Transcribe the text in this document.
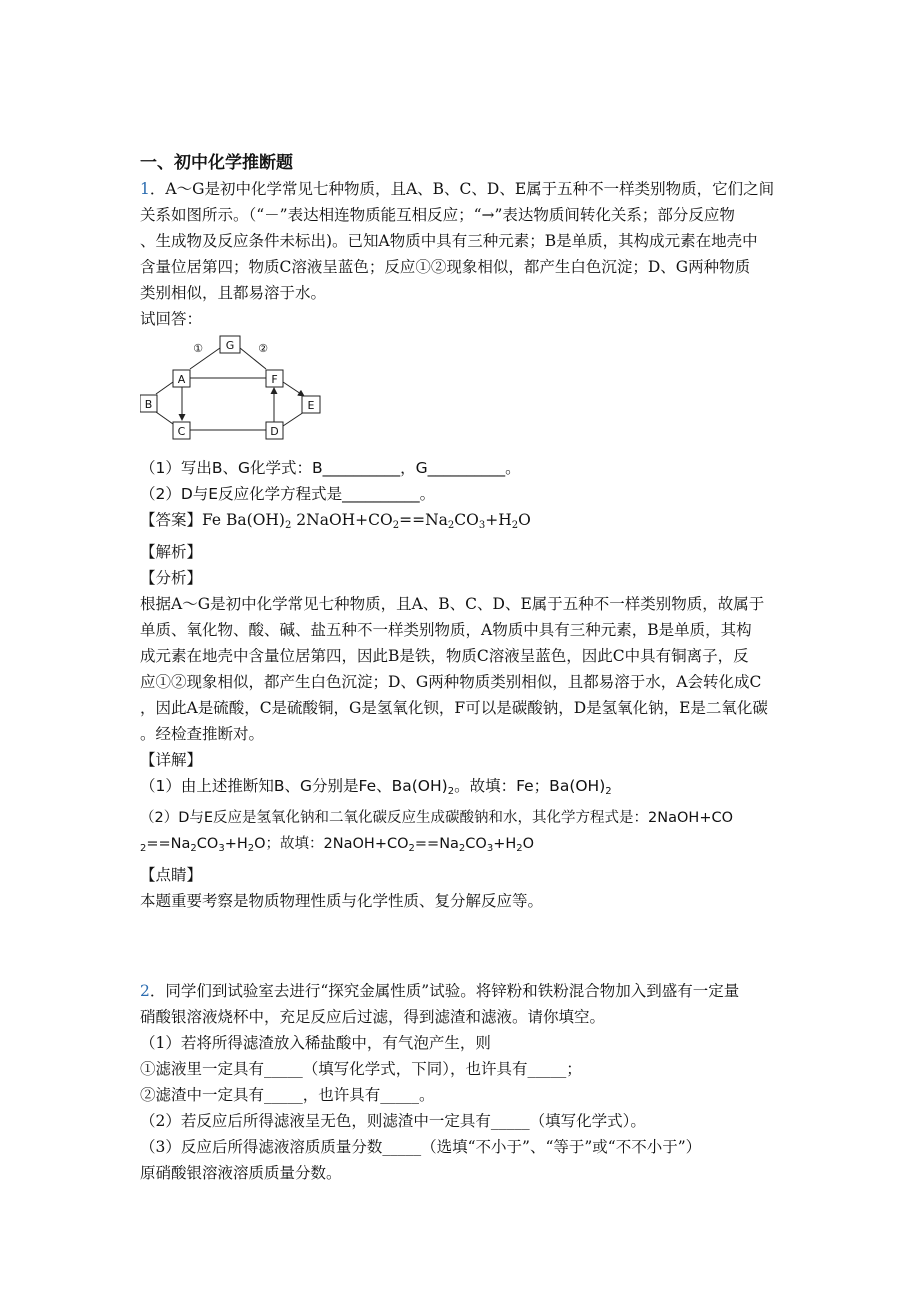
一、初中化学推断题
1．A～G是初中化学常见七种物质，且A、B、C、D、E属于五种不一样类别物质，它们之间
关系如图所示。（“－”表达相连物质能互相反应；“→”表达物质间转化关系；部分反应物
、生成物及反应条件未标出)。已知A物质中具有三种元素；B是单质，其构成元素在地壳中
含量位居第四；物质C溶液呈蓝色；反应①②现象相似，都产生白色沉淀；D、G两种物质
类别相似，且都易溶于水。
试回答：
G
A	F
B	E
C	D
①	②
（1）写出B、G化学式：B__________，G__________。
（2）D与E反应化学方程式是__________。
【答案】Fe $Ba(OH)_2$ $2NaOH+CO_2==Na_2CO_3+H_2O$
【解析】
【分析】
根据A～G是初中化学常见七种物质，且A、B、C、D、E属于五种不一样类别物质，故属于
单质、氧化物、酸、碱、盐五种不一样类别物质，A物质中具有三种元素，B是单质，其构
成元素在地壳中含量位居第四，因此B是铁，物质C溶液呈蓝色，因此C中具有铜离子，反
应①②现象相似，都产生白色沉淀；D、G两种物质类别相似，且都易溶于水，A会转化成C
，因此A是硫酸，C是硫酸铜，G是氢氧化钡，F可以是碳酸钠，D是氢氧化钠，E是二氧化碳
。经检查推断对。
【详解】
（1）由上述推断知B、G分别是Fe、$Ba(OH)_2$。故填：Fe；$Ba(OH)_2$
（2）D与E反应是氢氧化钠和二氧化碳反应生成碳酸钠和水，其化学方程式是：2NaOH+CO
$_2==Na_2CO_3+H_2O$；故填：$2NaOH+CO_2==Na_2CO_3+H_2O$
【点睛】
本题重要考察是物质物理性质与化学性质、复分解反应等。
2．同学们到试验室去进行“探究金属性质”试验。将锌粉和铁粉混合物加入到盛有一定量
硝酸银溶液烧杯中，充足反应后过滤，得到滤渣和滤液。请你填空。
（1）若将所得滤渣放入稀盐酸中，有气泡产生，则
①滤液里一定具有_____（填写化学式，下同），也许具有_____；
②滤渣中一定具有_____，也许具有_____。
（2）若反应后所得滤液呈无色，则滤渣中一定具有_____（填写化学式）。
（3）反应后所得滤液溶质质量分数_____（选填“不小于”、“等于”或“不不小于”）
原硝酸银溶液溶质质量分数。
